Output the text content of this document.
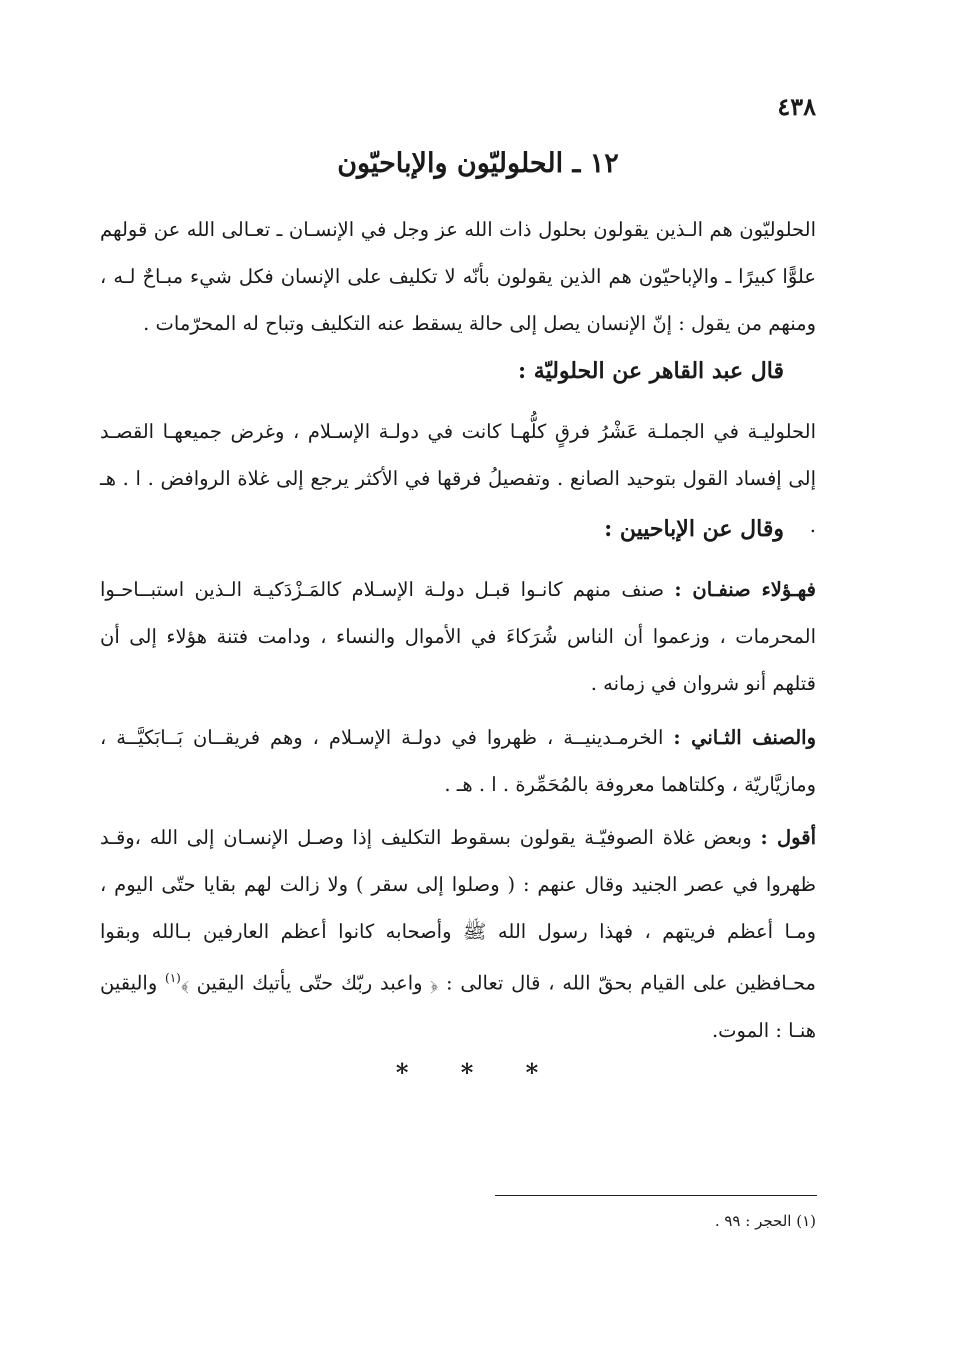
٤٣٨
١٢ ـ الحلوليّون والإباحيّون

الحلوليّون هم الـذين يقولون بحلول ذات الله عز وجل في الإنسـان ـ تعـالى الله عن قولهم علوًّا كبيرًا ـ والإباحيّون هم الذين يقولون بأنّه لا تكليف على الإنسان فكل شيء مبـاحٌ لـه ، ومنهم من يقول : إنّ الإنسان يصل إلى حالة يسقط عنه التكليف وتباح له المحرّمات .

قال عبد القاهر عن الحلوليّة :

الحلوليـة في الجملـة عَشْرُ فرقٍ كلُّهـا كانت في دولـة الإسـلام ، وغرض جميعهـا القصـد إلى إفساد القول بتوحيد الصانع . وتفصيلُ فرقها في الأكثر يرجع إلى غلاة الروافض . ا . هـ .

وقال عن الإباحيين :

فهـؤلاء صنفـان : صنف منهم كانـوا قبـل دولـة الإسـلام كالمَـزْدَكيـة الـذين استبــاحـوا المحرمات ، وزعموا أن الناس شُرَكاءَ في الأموال والنساء ، ودامت فتنة هؤلاء إلى أن قتلهم أنو شروان في زمانه .

والصنف الثـاني : الخرمـدينيــة ، ظهروا في دولـة الإسـلام ، وهم فريقــان بَــابَكيَّــة ، ومازيَّاريّة ، وكلتاهما معروفة بالمُحَمِّرة . ا . هـ .

أقول : وبعض غلاة الصوفيّـة يقولون بسقوط التكليف إذا وصـل الإنسـان إلى الله ،وقـد ظهروا في عصر الجنيد وقال عنهم : ( وصلوا إلى سقر ) ولا زالت لهم بقايا حتّى اليوم ، ومـا أعظم فريتهم ، فهذا رسول الله ﷺ وأصحابه كانوا أعظم العارفين بـالله وبقوا محـافظين على القيام بحقّ الله ، قال تعالى : ﴿ واعبد ربّك حتّى يأتيك اليقين ﴾$^{(١)}$ واليقين هنـا : الموت.

* * *
(١) الحجر : ٩٩ .
